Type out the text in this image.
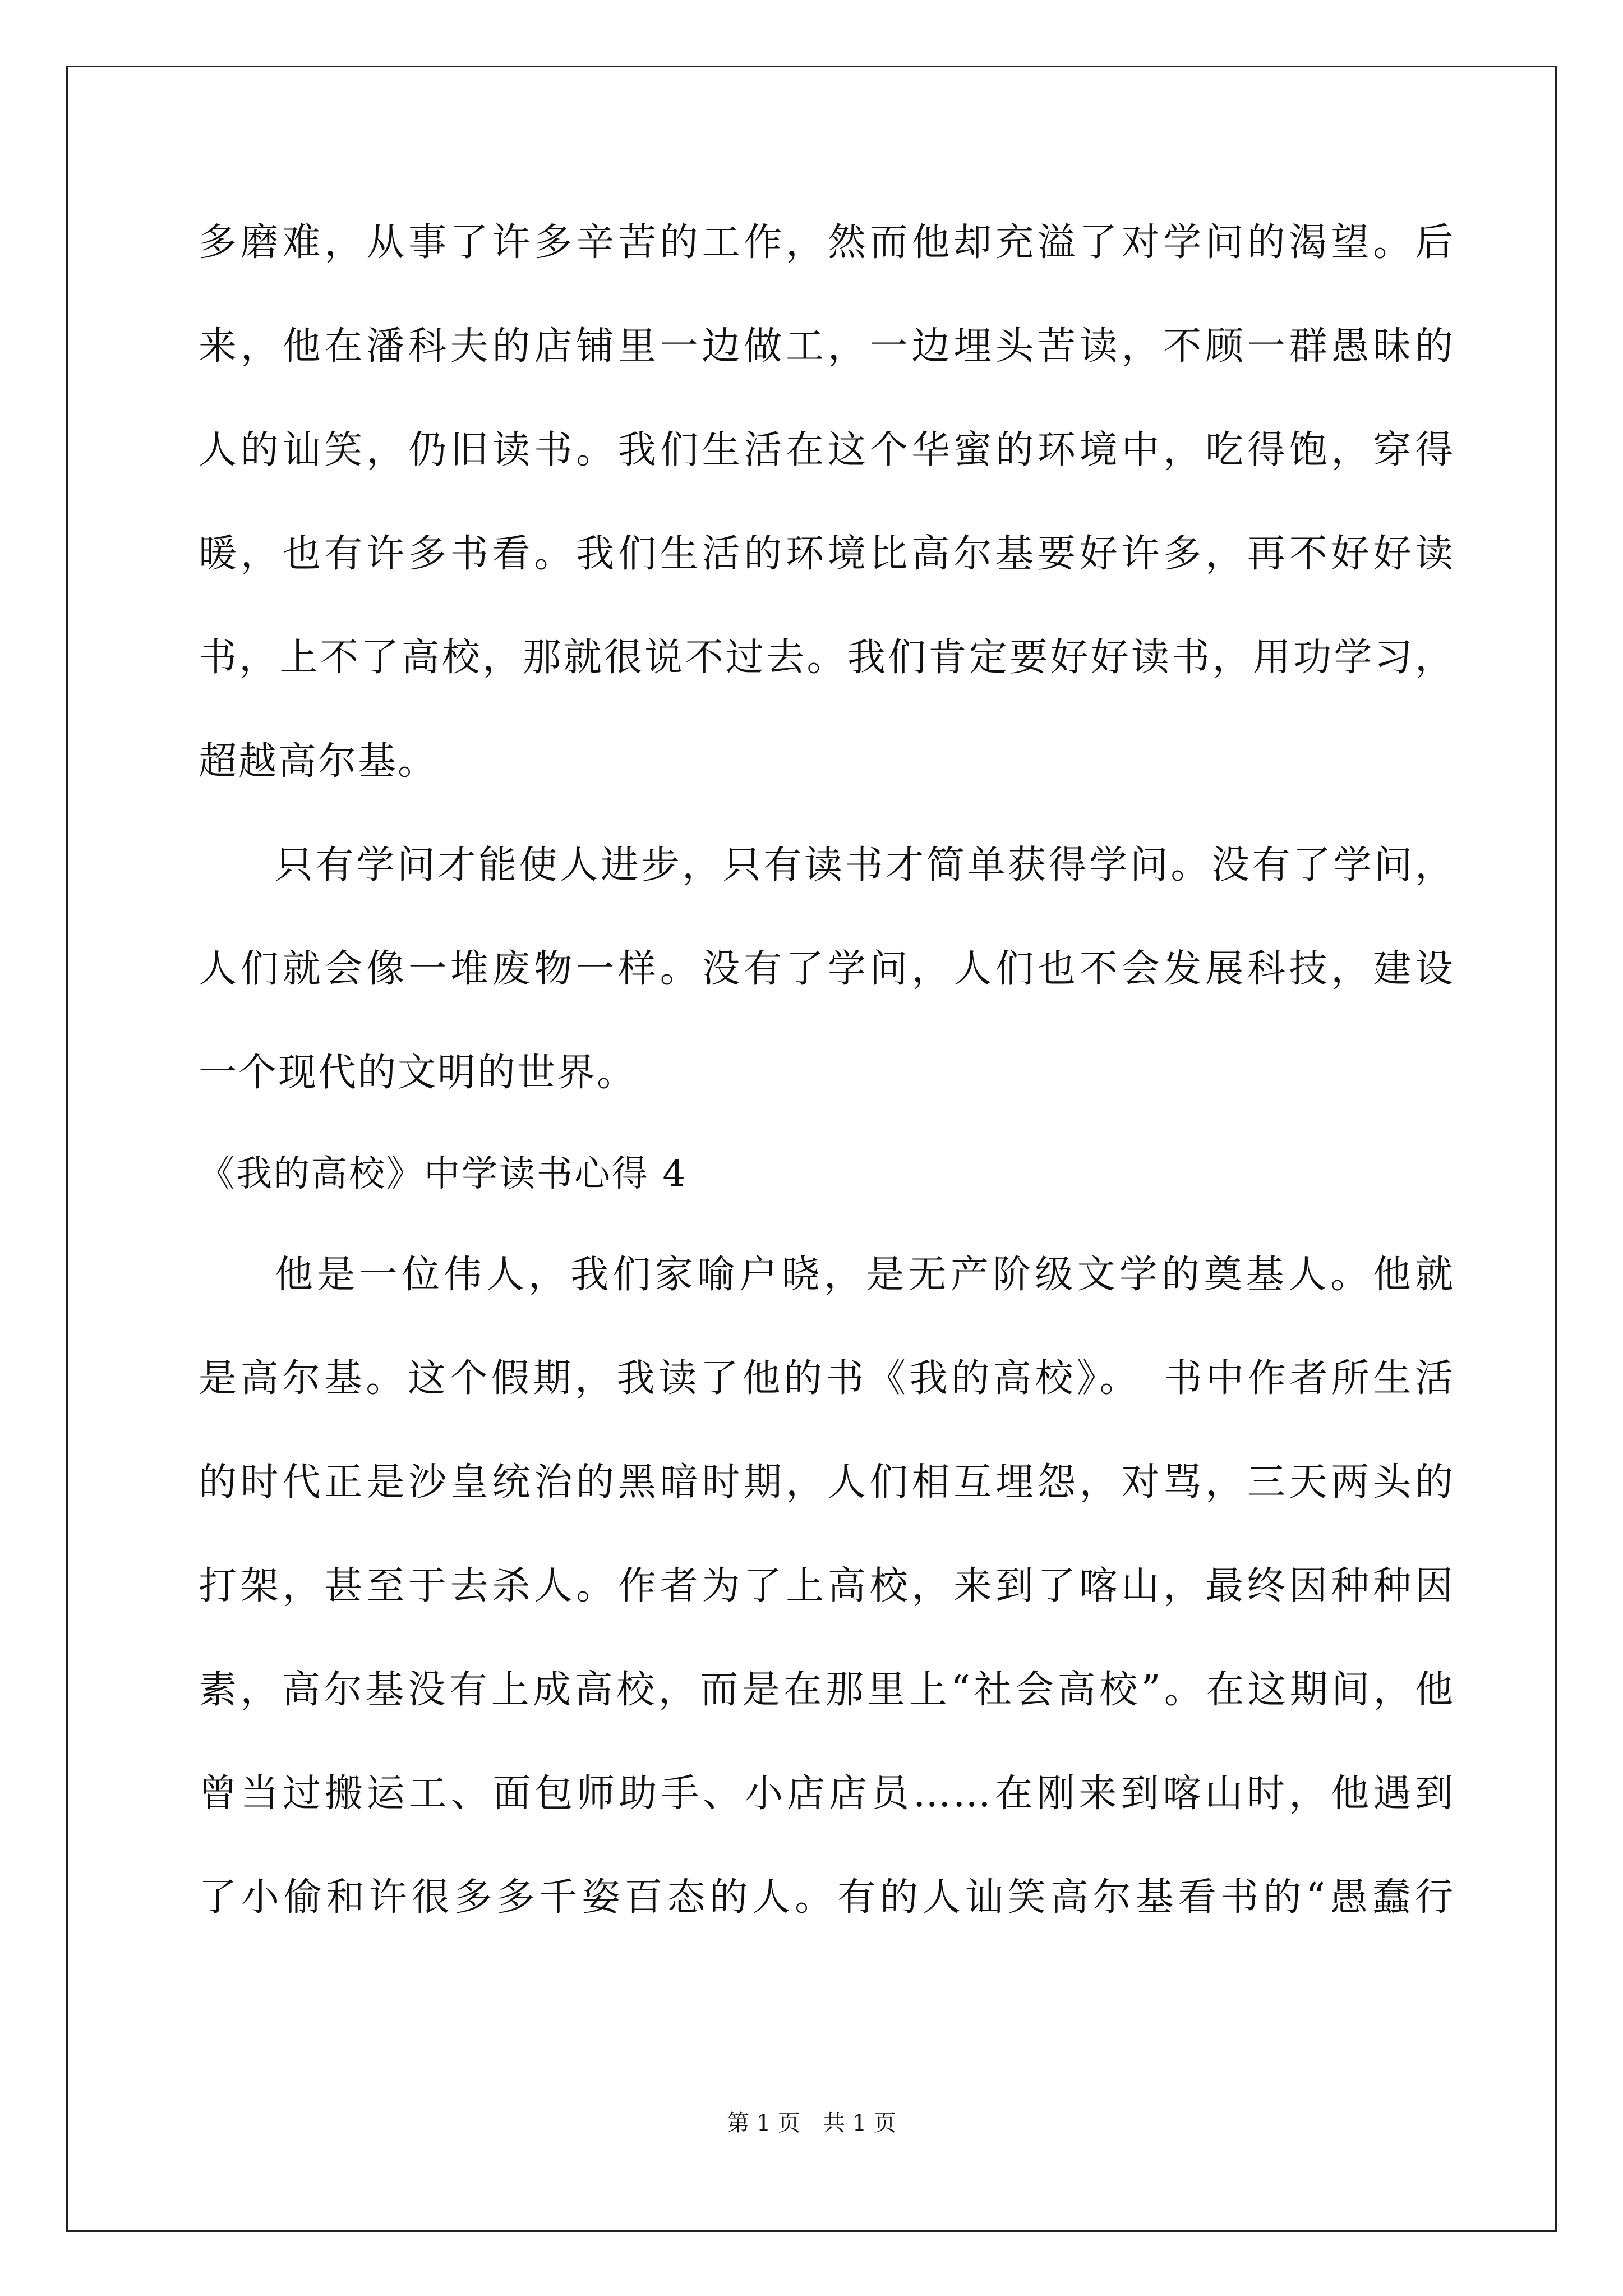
多磨难，从事了许多辛苦的工作，然而他却充溢了对学问的渴望。后
来，他在潘科夫的店铺里一边做工，一边埋头苦读，不顾一群愚昧的
人的讪笑，仍旧读书。我们生活在这个华蜜的环境中，吃得饱，穿得
暖，也有许多书看。我们生活的环境比高尔基要好许多，再不好好读
书，上不了高校，那就很说不过去。我们肯定要好好读书，用功学习，
超越高尔基。
只有学问才能使人进步，只有读书才简单获得学问。没有了学问，
人们就会像一堆废物一样。没有了学问，人们也不会发展科技，建设
一个现代的文明的世界。
《我的高校》中学读书心得 4
他是一位伟人，我们家喻户晓，是无产阶级文学的奠基人。他就
是高尔基。这个假期，我读了他的书《我的高校》。　书中作者所生活
的时代正是沙皇统治的黑暗时期，人们相互埋怨，对骂，三天两头的
打架，甚至于去杀人。作者为了上高校，来到了喀山，最终因种种因
素，高尔基没有上成高校，而是在那里上“社会高校”。在这期间，他
曾当过搬运工、面包师助手、小店店员……在刚来到喀山时，他遇到
了小偷和许很多多千姿百态的人。有的人讪笑高尔基看书的“愚蠢行
第 1 页　共 1 页
